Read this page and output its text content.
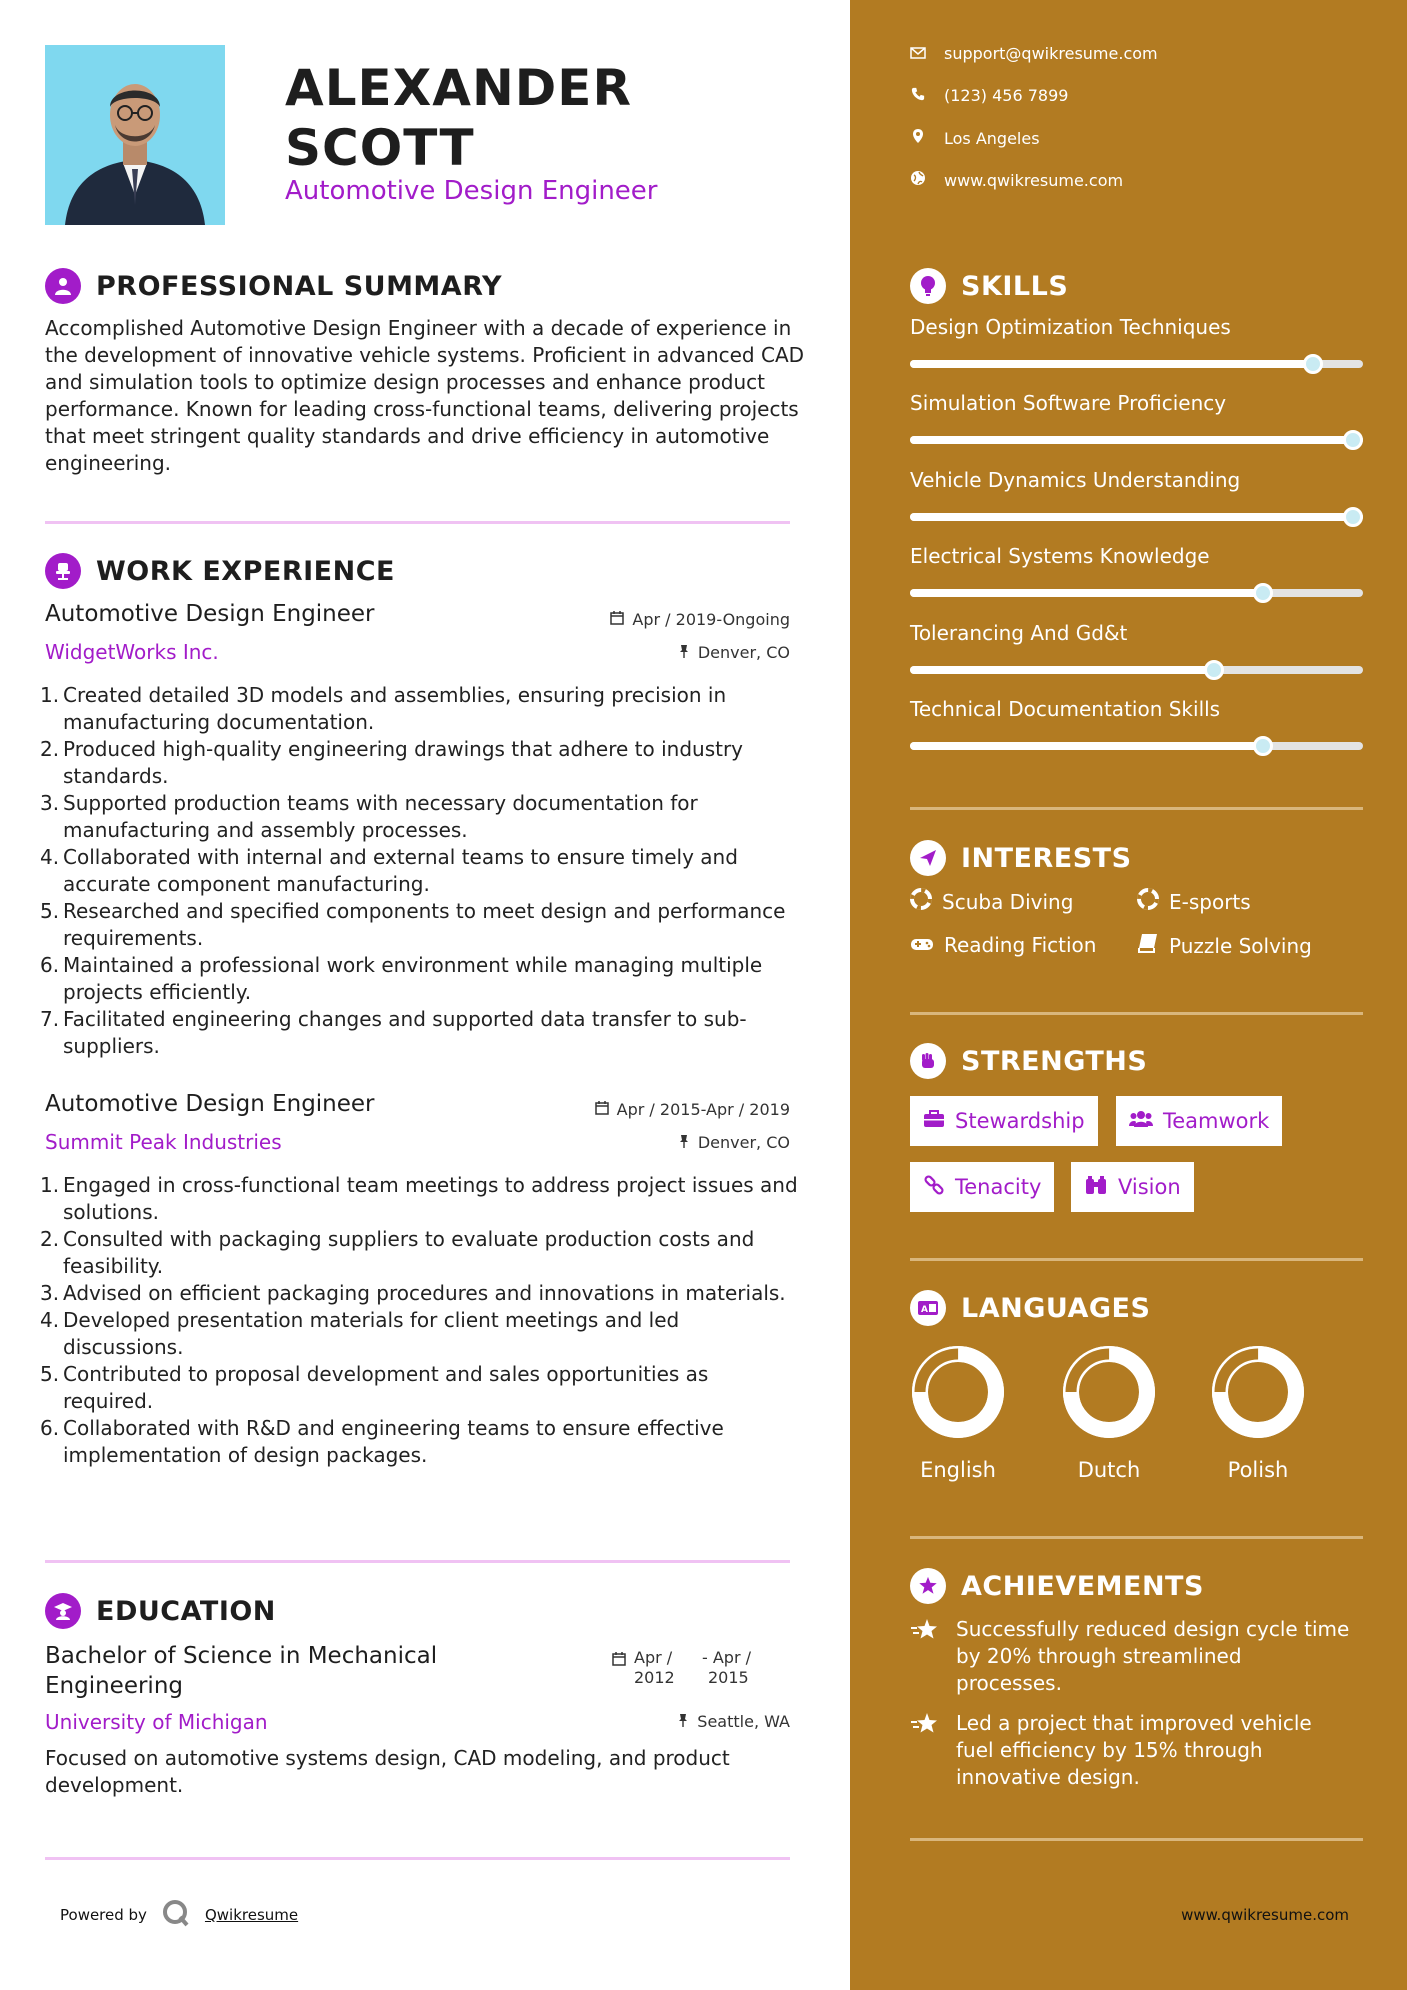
ALEXANDER
SCOTT
Automotive Design Engineer
PROFESSIONAL SUMMARY
Accomplished Automotive Design Engineer with a decade of experience in the development of innovative vehicle systems. Proficient in advanced CAD and simulation tools to optimize design processes and enhance product performance. Known for leading cross-functional teams, delivering projects that meet stringent quality standards and drive efficiency in automotive engineering.
WORK EXPERIENCE
Automotive Design Engineer
WidgetWorks Inc.
Apr / 2019-Ongoing
Denver, CO
1. Created detailed 3D models and assemblies, ensuring precision in manufacturing documentation.
2. Produced high-quality engineering drawings that adhere to industry standards.
3. Supported production teams with necessary documentation for manufacturing and assembly processes.
4. Collaborated with internal and external teams to ensure timely and accurate component manufacturing.
5. Researched and specified components to meet design and performance requirements.
6. Maintained a professional work environment while managing multiple projects efficiently.
7. Facilitated engineering changes and supported data transfer to sub-suppliers.
Automotive Design Engineer
Summit Peak Industries
Apr / 2015-Apr / 2019
Denver, CO
1. Engaged in cross-functional team meetings to address project issues and solutions.
2. Consulted with packaging suppliers to evaluate production costs and feasibility.
3. Advised on efficient packaging procedures and innovations in materials.
4. Developed presentation materials for client meetings and led discussions.
5. Contributed to proposal development and sales opportunities as required.
6. Collaborated with R&D and engineering teams to ensure effective implementation of design packages.
EDUCATION
Bachelor of Science in Mechanical
Engineering
University of Michigan
Apr /
2012
- Apr /
2015
Seattle, WA
Focused on automotive systems design, CAD modeling, and product development.
Powered by	Qwikresume
support@qwikresume.com
(123) 456 7899
Los Angeles
www.qwikresume.com
SKILLS
Design Optimization Techniques
Simulation Software Proficiency
Vehicle Dynamics Understanding
Electrical Systems Knowledge
Tolerancing And Gd&t
Technical Documentation Skills
INTERESTS
Scuba Diving	E-sports
Reading Fiction	Puzzle Solving
STRENGTHS
Stewardship	Teamwork
Tenacity	Vision
A LANGUAGES
English	Dutch	Polish
ACHIEVEMENTS
Successfully reduced design cycle time by 20% through streamlined processes.
Led a project that improved vehicle fuel efficiency by 15% through innovative design.
www.qwikresume.com
